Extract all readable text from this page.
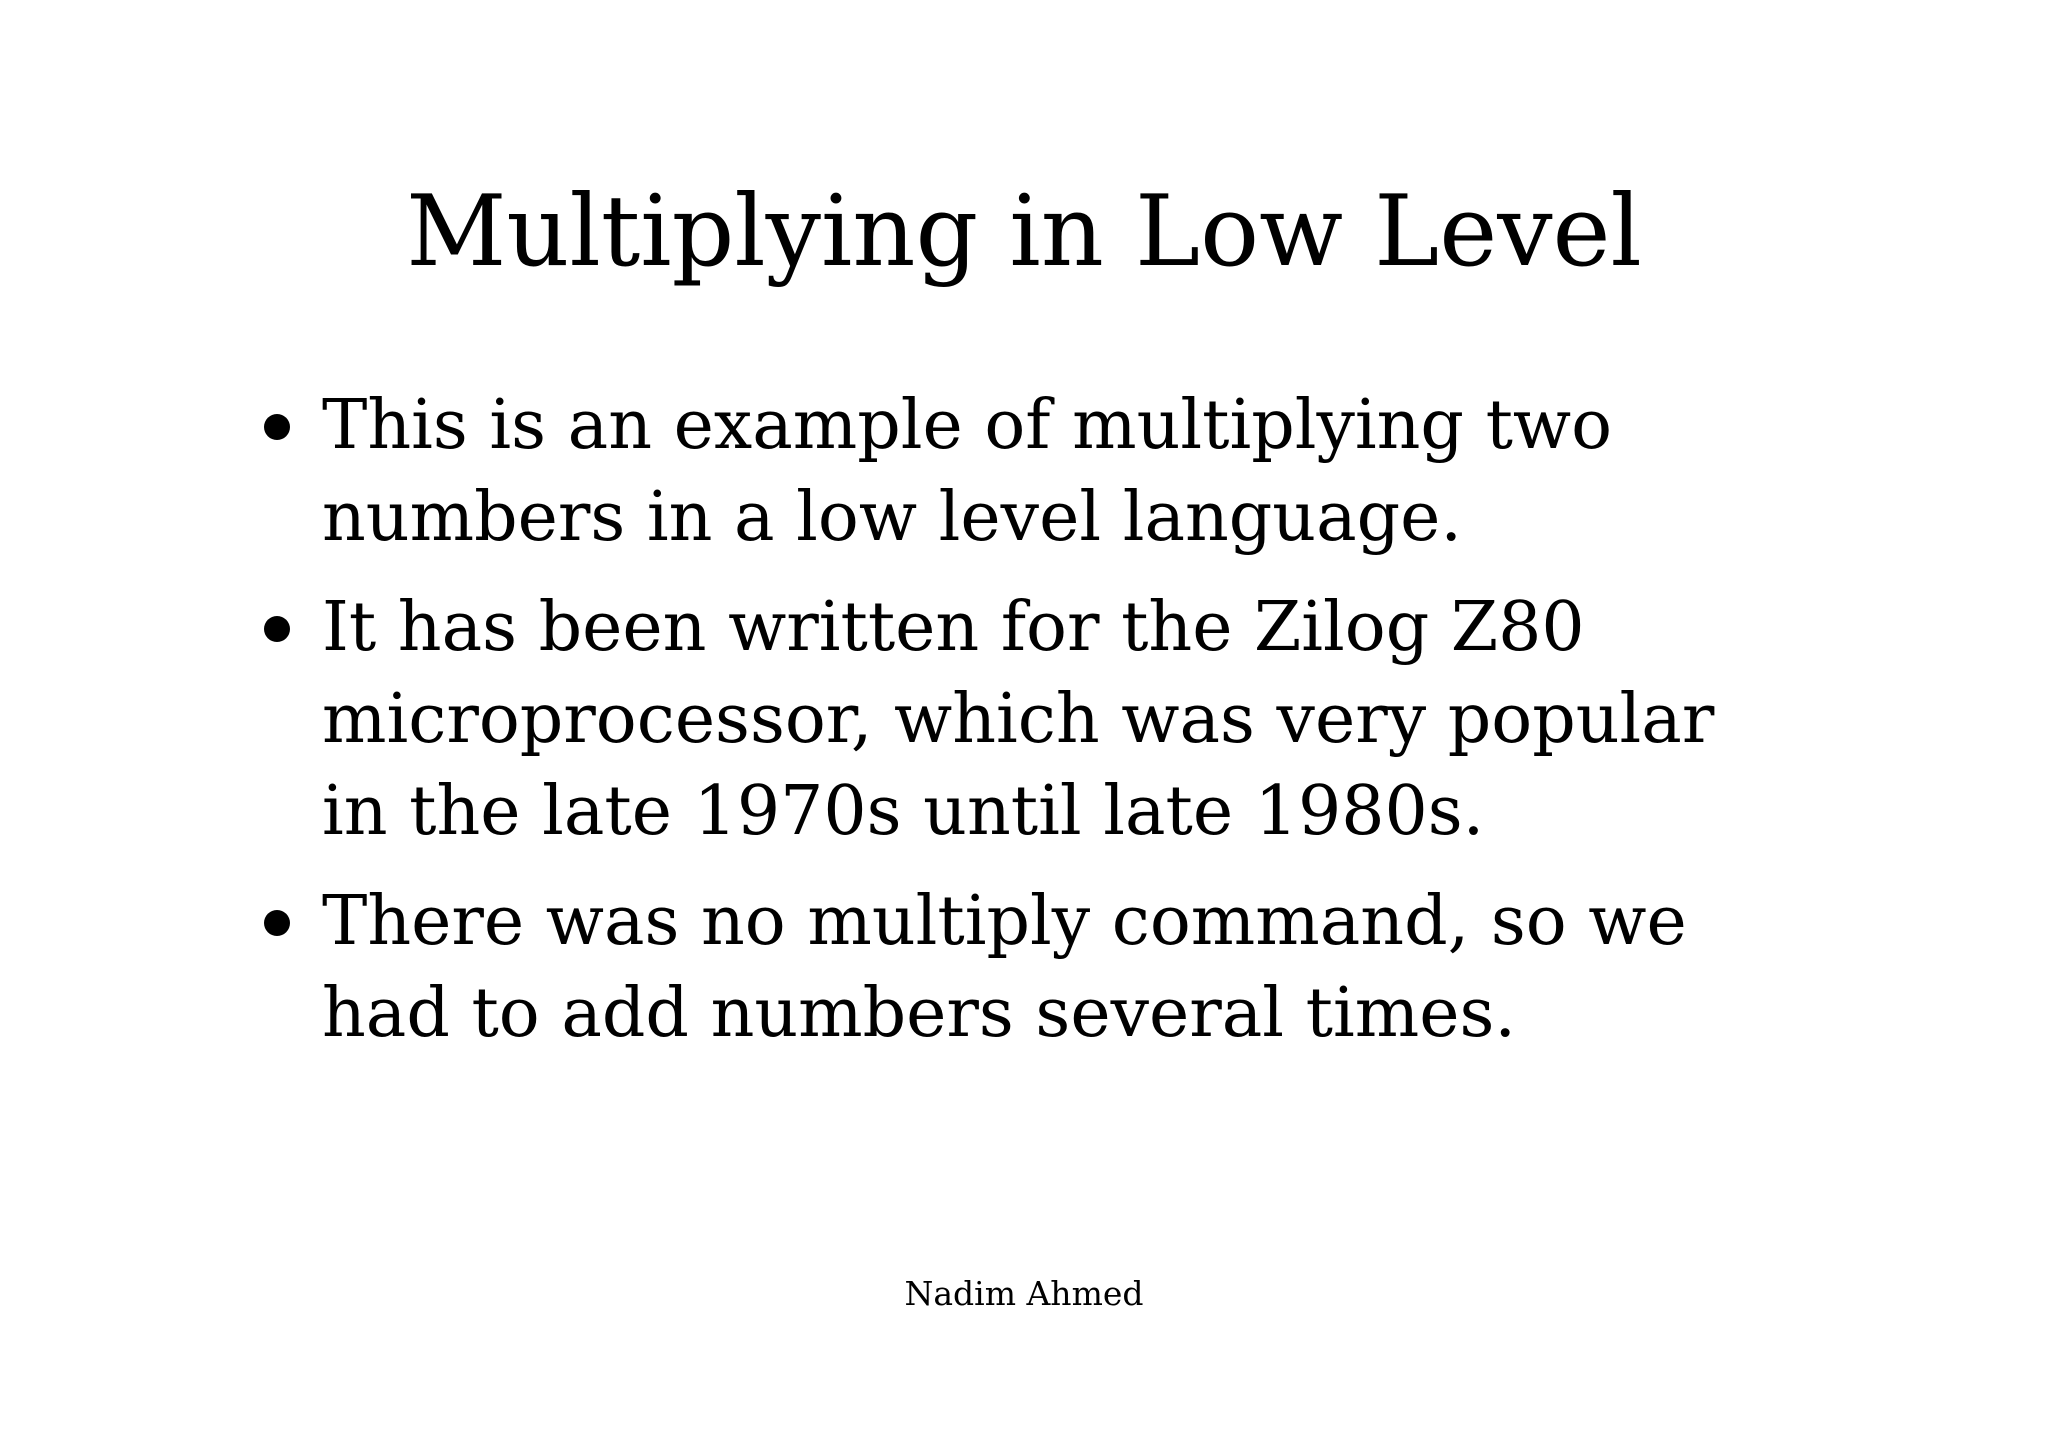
Multiplying in Low Level
This is an example of multiplying two
numbers in a low level language.
It has been written for the Zilog Z80
microprocessor, which was very popular
in the late 1970s until late 1980s.
There was no multiply command, so we
had to add numbers several times.
Nadim Ahmed
